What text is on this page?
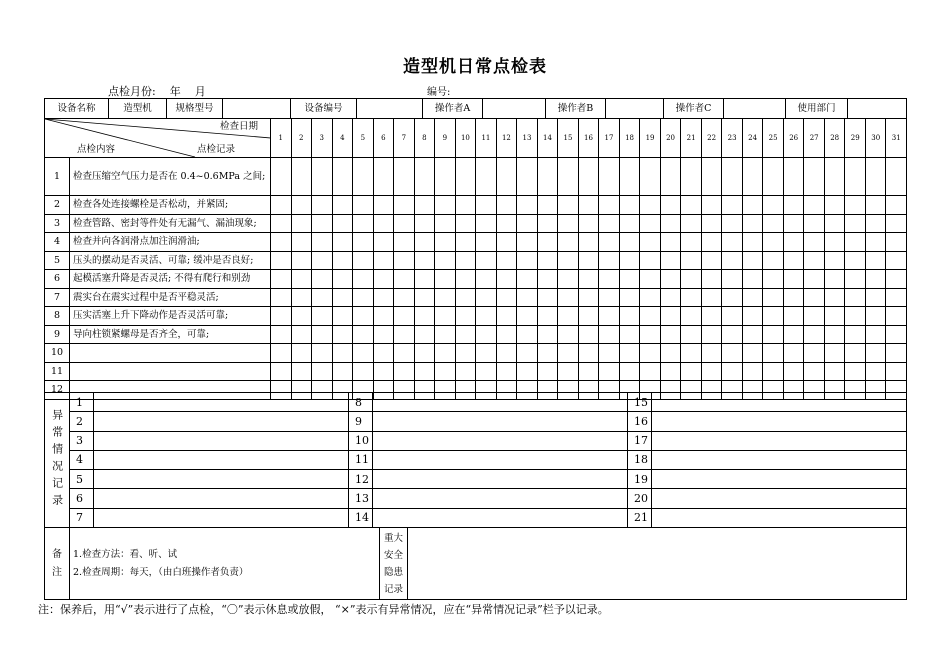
造型机日常点检表
点检月份: 年 月	编号:
设备名称	造型机	规格型号		设备编号		操作者A		操作者B		操作者C		使用部门	
检查日期
点检内容 点检记录		1	2	3	4	5	6	7	8	9	10	11	12	13	14	15	16	17	18	19	20	21	22	23	24	25	26	27	28	29	30	31
1	检查压缩空气压力是否在 0.4~0.6MPa 之间;																															
2	检查各处连接螺栓是否松动，并紧固;																															
3	检查管路、密封等件处有无漏气、漏油现象;																															
4	检查并向各润滑点加注润滑油;																															
5	压头的摆动是否灵活、可靠; 缓冲是否良好;																															
6	起模活塞升降是否灵活; 不得有爬行和别劲																															
7	震实台在震实过程中是否平稳灵活;																															
8	压实活塞上升下降动作是否灵活可靠;																															
9	导向柱锁紧螺母是否齐全，可靠;																															
10																																
11																																
12																																
异常情况记录	1		8		15	
	2		9		16	
	3		10		17	
	4		11		18	
	5		12		19	
	6		13		20	
	7		14		21	
备注	
1.检查方法：看、听、试
2.检查周期：每天，（由白班操作者负责）
	重大安全隐患记录	
注：保养后，用“√”表示进行了点检，“〇”表示休息或放假， “×”表示有异常情况，应在“异常情况记录”栏予以记录。
